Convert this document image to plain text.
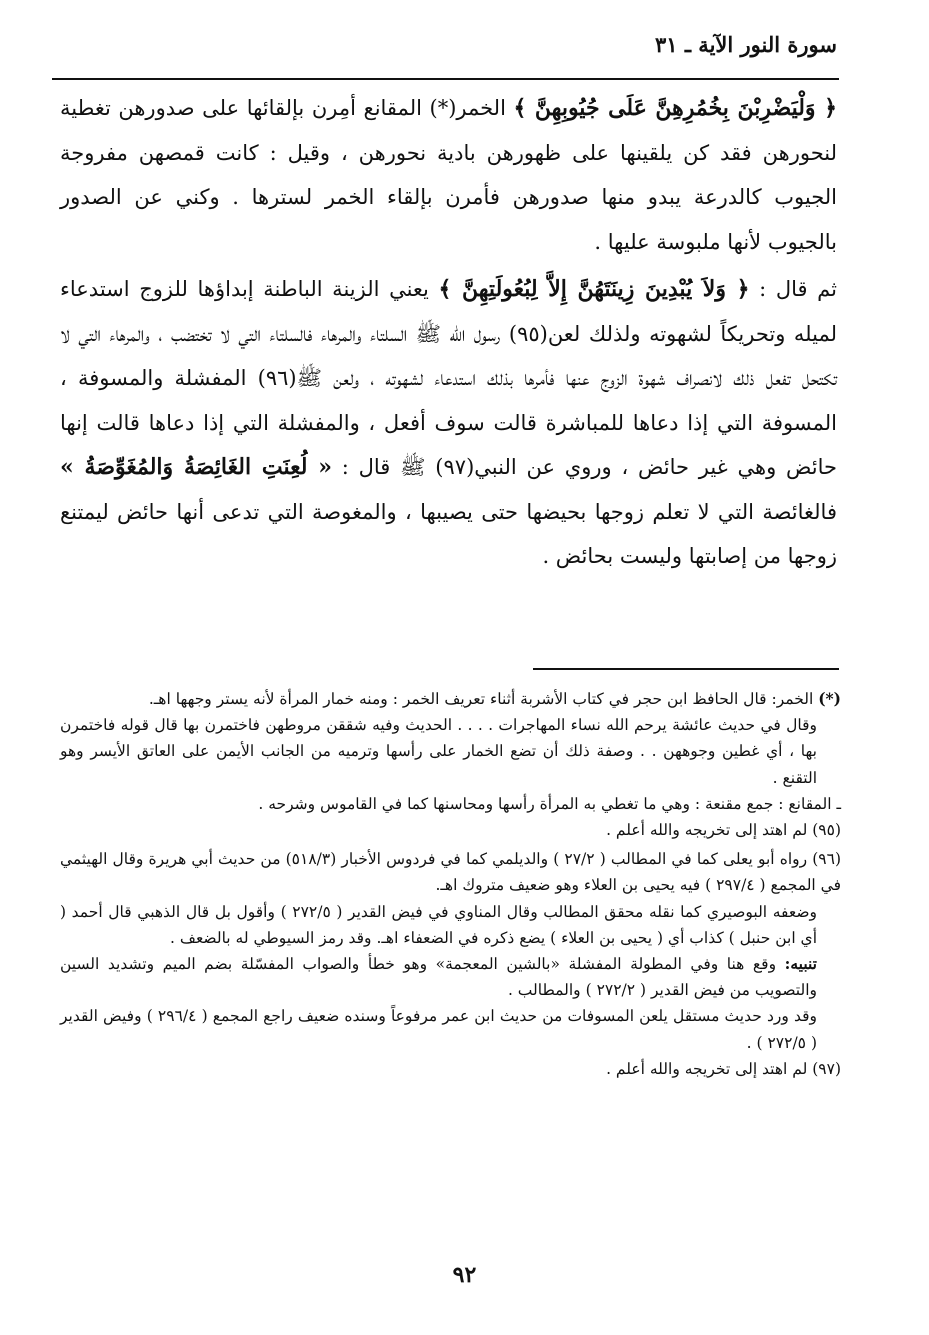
سورة النور الآية ـ ٣١

﴿ وَلْيَضْرِبْنَ بِخُمُرِهِنَّ عَلَى جُيُوبِهِنَّ ﴾ الخمر(*) المقانع أمِرن بإلقائها على صدورهن تغطية لنحورهن فقد كن يلقينها على ظهورهن بادية نحورهن ، وقيل : كانت قمصهن مفروجة الجيوب كالدرعة يبدو منها صدورهن فأمرن بإلقاء الخمر لسترها . وكني عن الصدور بالجيوب لأنها ملبوسة عليها .

ثم قال : ﴿ وَلاَ يُبْدِينَ زِينَتَهُنَّ إِلاَّ لِبُعُولَتِهِنَّ ﴾ يعني الزينة الباطنة إبداؤها للزوج استدعاء لميله وتحريكاً لشهوته ولذلك لعن(٩٥) رسول الله ﷺ السلتاء والمرهاء فالسلتاء التي لا تختضب ، والمرهاء التي لا تكتحل تفعل ذلك لانصراف شهوة الزوج عنها فأمرها بذلك استدعاء لشهوته ، ولعن ﷺ(٩٦) المفشلة والمسوفة ، المسوفة التي إذا دعاها للمباشرة قالت سوف أفعل ، والمفشلة التي إذا دعاها قالت إنها حائض وهي غير حائض ، وروي عن النبي(٩٧) ﷺ قال : « لُعِنَتِ الغَائِصَةُ وَالمُغَوِّصَةُ » فالغائصة التي لا تعلم زوجها بحيضها حتى يصيبها ، والمغوصة التي تدعى أنها حائض ليمتنع زوجها من إصابتها وليست بحائض .

(*) الخمر: قال الحافظ ابن حجر في كتاب الأشربة أثناء تعريف الخمر : ومنه خمار المرأة لأنه يستر وجهها اهـ.

وقال في حديث عائشة يرحم الله نساء المهاجرات . . . . الحديث وفيه شققن مروطهن فاختمرن بها قال قوله فاختمرن بها ، أي غطين وجوههن . . وصفة ذلك أن تضع الخمار على رأسها وترميه من الجانب الأيمن على العاتق الأيسر وهو التقنع .

ـ المقانع : جمع مقنعة : وهي ما تغطي به المرأة رأسها ومحاسنها كما في القاموس وشرحه .

(٩٥) لم اهتد إلى تخريجه والله أعلم .

(٩٦) رواه أبو يعلى كما في المطالب ( ٢٧/٢ ) والديلمي كما في فردوس الأخبار (٥١٨/٣) من حديث أبي هريرة وقال الهيثمي في المجمع ( ٢٩٧/٤ ) فيه يحيى بن العلاء وهو ضعيف متروك اهـ.

وضعفه البوصيري كما نقله محقق المطالب وقال المناوي في فيض القدير ( ٢٧٢/٥ ) وأقول بل قال الذهبي قال أحمد ( أي ابن حنبل ) كذاب أي ( يحيى بن العلاء ) يضع ذكره في الضعفاء اهـ. وقد رمز السيوطي له بالضعف .

تنبيه: وقع هنا وفي المطولة المفشلة «بالشين المعجمة» وهو خطأ والصواب المفسّلة بضم الميم وتشديد السين والتصويب من فيض القدير ( ٢٧٢/٢ ) والمطالب .

وقد ورد حديث مستقل يلعن المسوفات من حديث ابن عمر مرفوعاً وسنده ضعيف راجع المجمع ( ٢٩٦/٤ ) وفيض القدير ( ٢٧٢/٥ ) .

(٩٧) لم اهتد إلى تخريجه والله أعلم .

٩٢
